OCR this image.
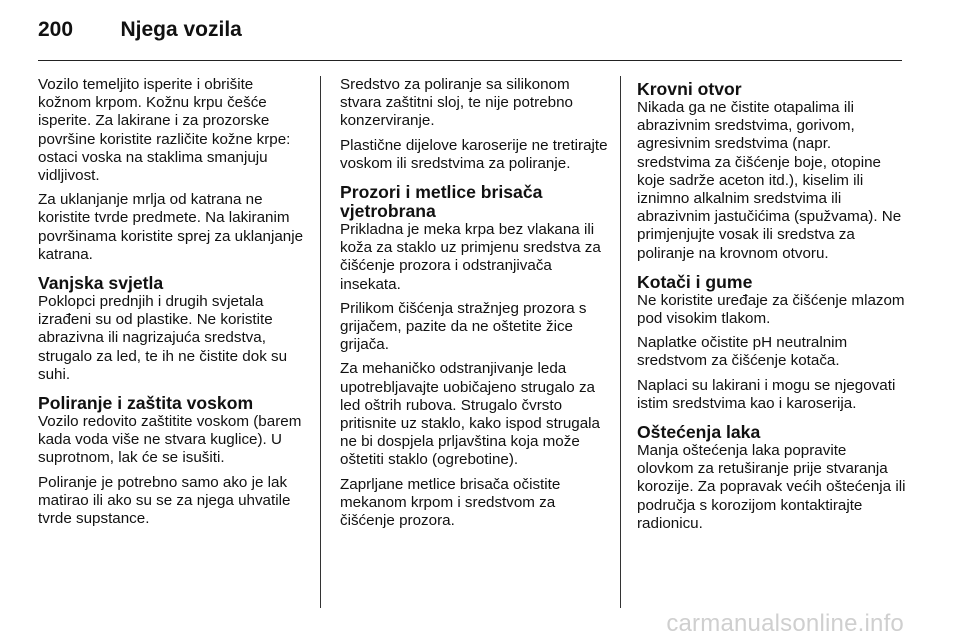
200 Njega vozila

Vozilo temeljito isperite i obrišite kožnom krpom. Kožnu krpu češće isperite. Za lakirane i za prozorske površine koristite različite kožne krpe: ostaci voska na staklima smanjuju vidljivost.

Za uklanjanje mrlja od katrana ne koristite tvrde predmete. Na lakiranim površinama koristite sprej za uklanjanje katrana.

Vanjska svjetla

Poklopci prednjih i drugih svjetala izrađeni su od plastike. Ne koristite abrazivna ili nagrizajuća sredstva, strugalo za led, te ih ne čistite dok su suhi.

Poliranje i zaštita voskom

Vozilo redovito zaštitite voskom (barem kada voda više ne stvara kuglice). U suprotnom, lak će se isušiti.

Poliranje je potrebno samo ako je lak matirao ili ako su se za njega uhvatile tvrde supstance.

Sredstvo za poliranje sa silikonom stvara zaštitni sloj, te nije potrebno konzerviranje.

Plastične dijelove karoserije ne tretirajte voskom ili sredstvima za poliranje.

Prozori i metlice brisača vjetrobrana

Prikladna je meka krpa bez vlakana ili koža za staklo uz primjenu sredstva za čišćenje prozora i odstranjivača insekata.

Prilikom čišćenja stražnjeg prozora s grijačem, pazite da ne oštetite žice grijača.

Za mehaničko odstranjivanje leda upotrebljavajte uobičajeno strugalo za led oštrih rubova. Strugalo čvrsto pritisnite uz staklo, kako ispod strugala ne bi dospjela prljavština koja može oštetiti staklo (ogrebotine).

Zaprljane metlice brisača očistite mekanom krpom i sredstvom za čišćenje prozora.

Krovni otvor

Nikada ga ne čistite otapalima ili abrazivnim sredstvima, gorivom, agresivnim sredstvima (napr. sredstvima za čišćenje boje, otopine koje sadrže aceton itd.), kiselim ili iznimno alkalnim sredstvima ili abrazivnim jastučićima (spužvama). Ne primjenjujte vosak ili sredstva za poliranje na krovnom otvoru.

Kotači i gume

Ne koristite uređaje za čišćenje mlazom pod visokim tlakom.

Naplatke očistite pH neutralnim sredstvom za čišćenje kotača.

Naplaci su lakirani i mogu se njegovati istim sredstvima kao i karoserija.

Oštećenja laka

Manja oštećenja laka popravite olovkom za retuširanje prije stvaranja korozije. Za popravak većih oštećenja ili područja s korozijom kontaktirajte radionicu.

carmanualsonline.info
